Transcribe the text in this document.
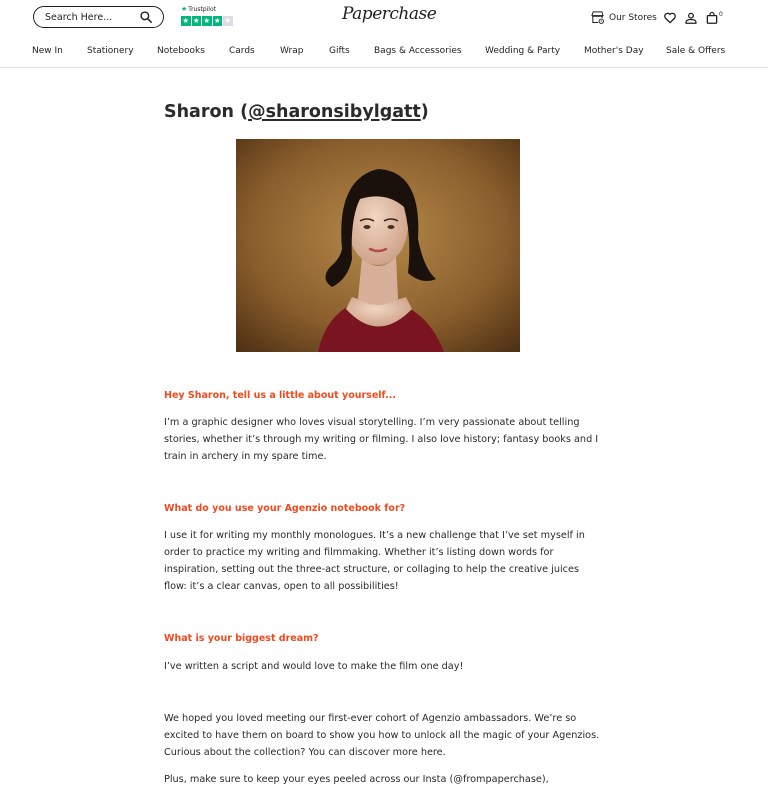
Search Here...
★ Trustpilot
★ ★ ★ ★ ★	Paperchase	Our Stores	0
New In	Stationery	Notebooks	Cards	Wrap	Gifts	Bags & Accessories	Wedding & Party	Mother's Day Sale & Offers
Sharon (@sharonsibylgatt)
Hey Sharon, tell us a little about yourself...

I’m a graphic designer who loves visual storytelling. I’m very passionate about telling stories, whether it’s through my writing or filming. I also love history; fantasy books and I train in archery in my spare time.

What do you use your Agenzio notebook for?

I use it for writing my monthly monologues. It’s a new challenge that I’ve set myself in order to practice my writing and filmmaking. Whether it’s listing down words for inspiration, setting out the three-act structure, or collaging to help the creative juices flow: it’s a clear canvas, open to all possibilities!

What is your biggest dream?

I’ve written a script and would love to make the film one day!

We hoped you loved meeting our first-ever cohort of Agenzio ambassadors. We’re so excited to have them on board to show you how to unlock all the magic of your Agenzios. Curious about the collection? You can discover more here.

Plus, make sure to keep your eyes peeled across our Insta (@frompaperchase),
